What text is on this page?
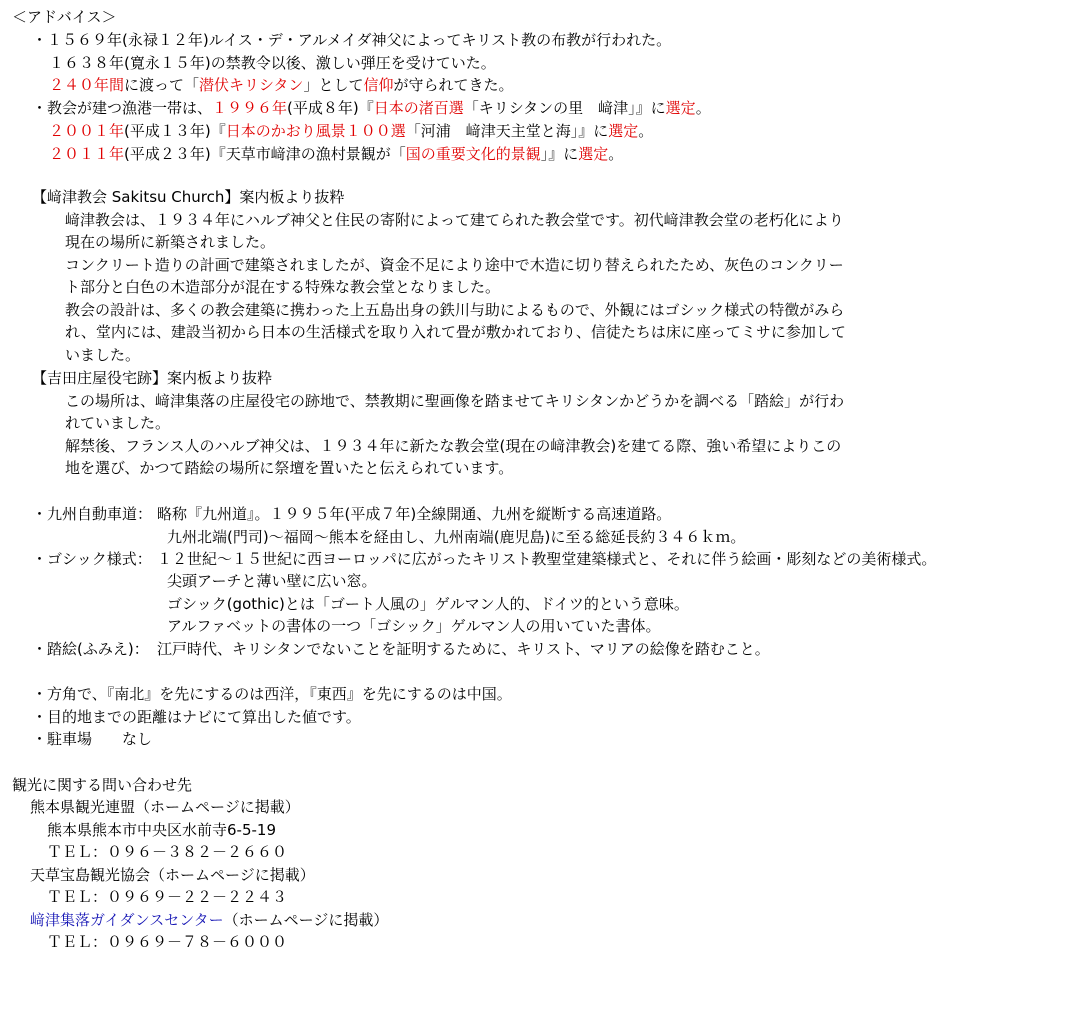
＜アドバイス＞
・１５６９年(永禄１２年)ルイス・デ・アルメイダ神父によってキリスト教の布教が行われた。
１６３８年(寛永１５年)の禁教令以後、激しい弾圧を受けていた。
２４０年間に渡って「潜伏キリシタン」として信仰が守られてきた。
・教会が建つ漁港一帯は、１９９６年(平成８年)『日本の渚百選「キリシタンの里　﨑津」』に選定。
２００１年(平成１３年)『日本のかおり風景１００選「河浦　﨑津天主堂と海」』に選定。
２０１１年(平成２３年)『天草市﨑津の漁村景観が「国の重要文化的景観」』に選定。
【﨑津教会 Sakitsu Church】案内板より抜粋
﨑津教会は、１９３４年にハルブ神父と住民の寄附によって建てられた教会堂です。初代﨑津教会堂の老朽化により
現在の場所に新築されました。
コンクリート造りの計画で建築されましたが、資金不足により途中で木造に切り替えられたため、灰色のコンクリー
ト部分と白色の木造部分が混在する特殊な教会堂となりました。
教会の設計は、多くの教会建築に携わった上五島出身の鉄川与助によるもので、外観にはゴシック様式の特徴がみら
れ、堂内には、建設当初から日本の生活様式を取り入れて畳が敷かれており、信徒たちは床に座ってミサに参加して
いました。
【吉田庄屋役宅跡】案内板より抜粋
この場所は、﨑津集落の庄屋役宅の跡地で、禁教期に聖画像を踏ませてキリシタンかどうかを調べる「踏絵」が行わ
れていました。
解禁後、フランス人のハルブ神父は、１９３４年に新たな教会堂(現在の﨑津教会)を建てる際、強い希望によりこの
地を選び、かつて踏絵の場所に祭壇を置いたと伝えられています。
・九州自動車道： 略称『九州道』。１９９５年(平成７年)全線開通、九州を縦断する高速道路。
九州北端(門司)～福岡～熊本を経由し、九州南端(鹿児島)に至る総延長約３４６ｋｍ。
・ゴシック様式： １２世紀～１５世紀に西ヨーロッパに広がったキリスト教聖堂建築様式と、それに伴う絵画・彫刻などの美術様式。
尖頭アーチと薄い壁に広い窓。
ゴシック(gothic)とは「ゴート人風の」ゲルマン人的、ドイツ的という意味。
アルファベットの書体の一つ「ゴシック」ゲルマン人の用いていた書体。
・踏絵(ふみえ)： 江戸時代、キリシタンでないことを証明するために、キリスト、マリアの絵像を踏むこと。
・方角で、『南北』を先にするのは西洋，『東西』を先にするのは中国。
・目的地までの距離はナビにて算出した値です。
・駐車場　　なし
観光に関する問い合わせ先
熊本県観光連盟（ホームページに掲載）
熊本県熊本市中央区水前寺6-5-19
ＴＥＬ：０９６－３８２－２６６０
天草宝島観光協会（ホームページに掲載）
ＴＥＬ：０９６９－２２－２２４３
﨑津集落ガイダンスセンター（ホームページに掲載）
ＴＥＬ：０９６９－７８－６０００
